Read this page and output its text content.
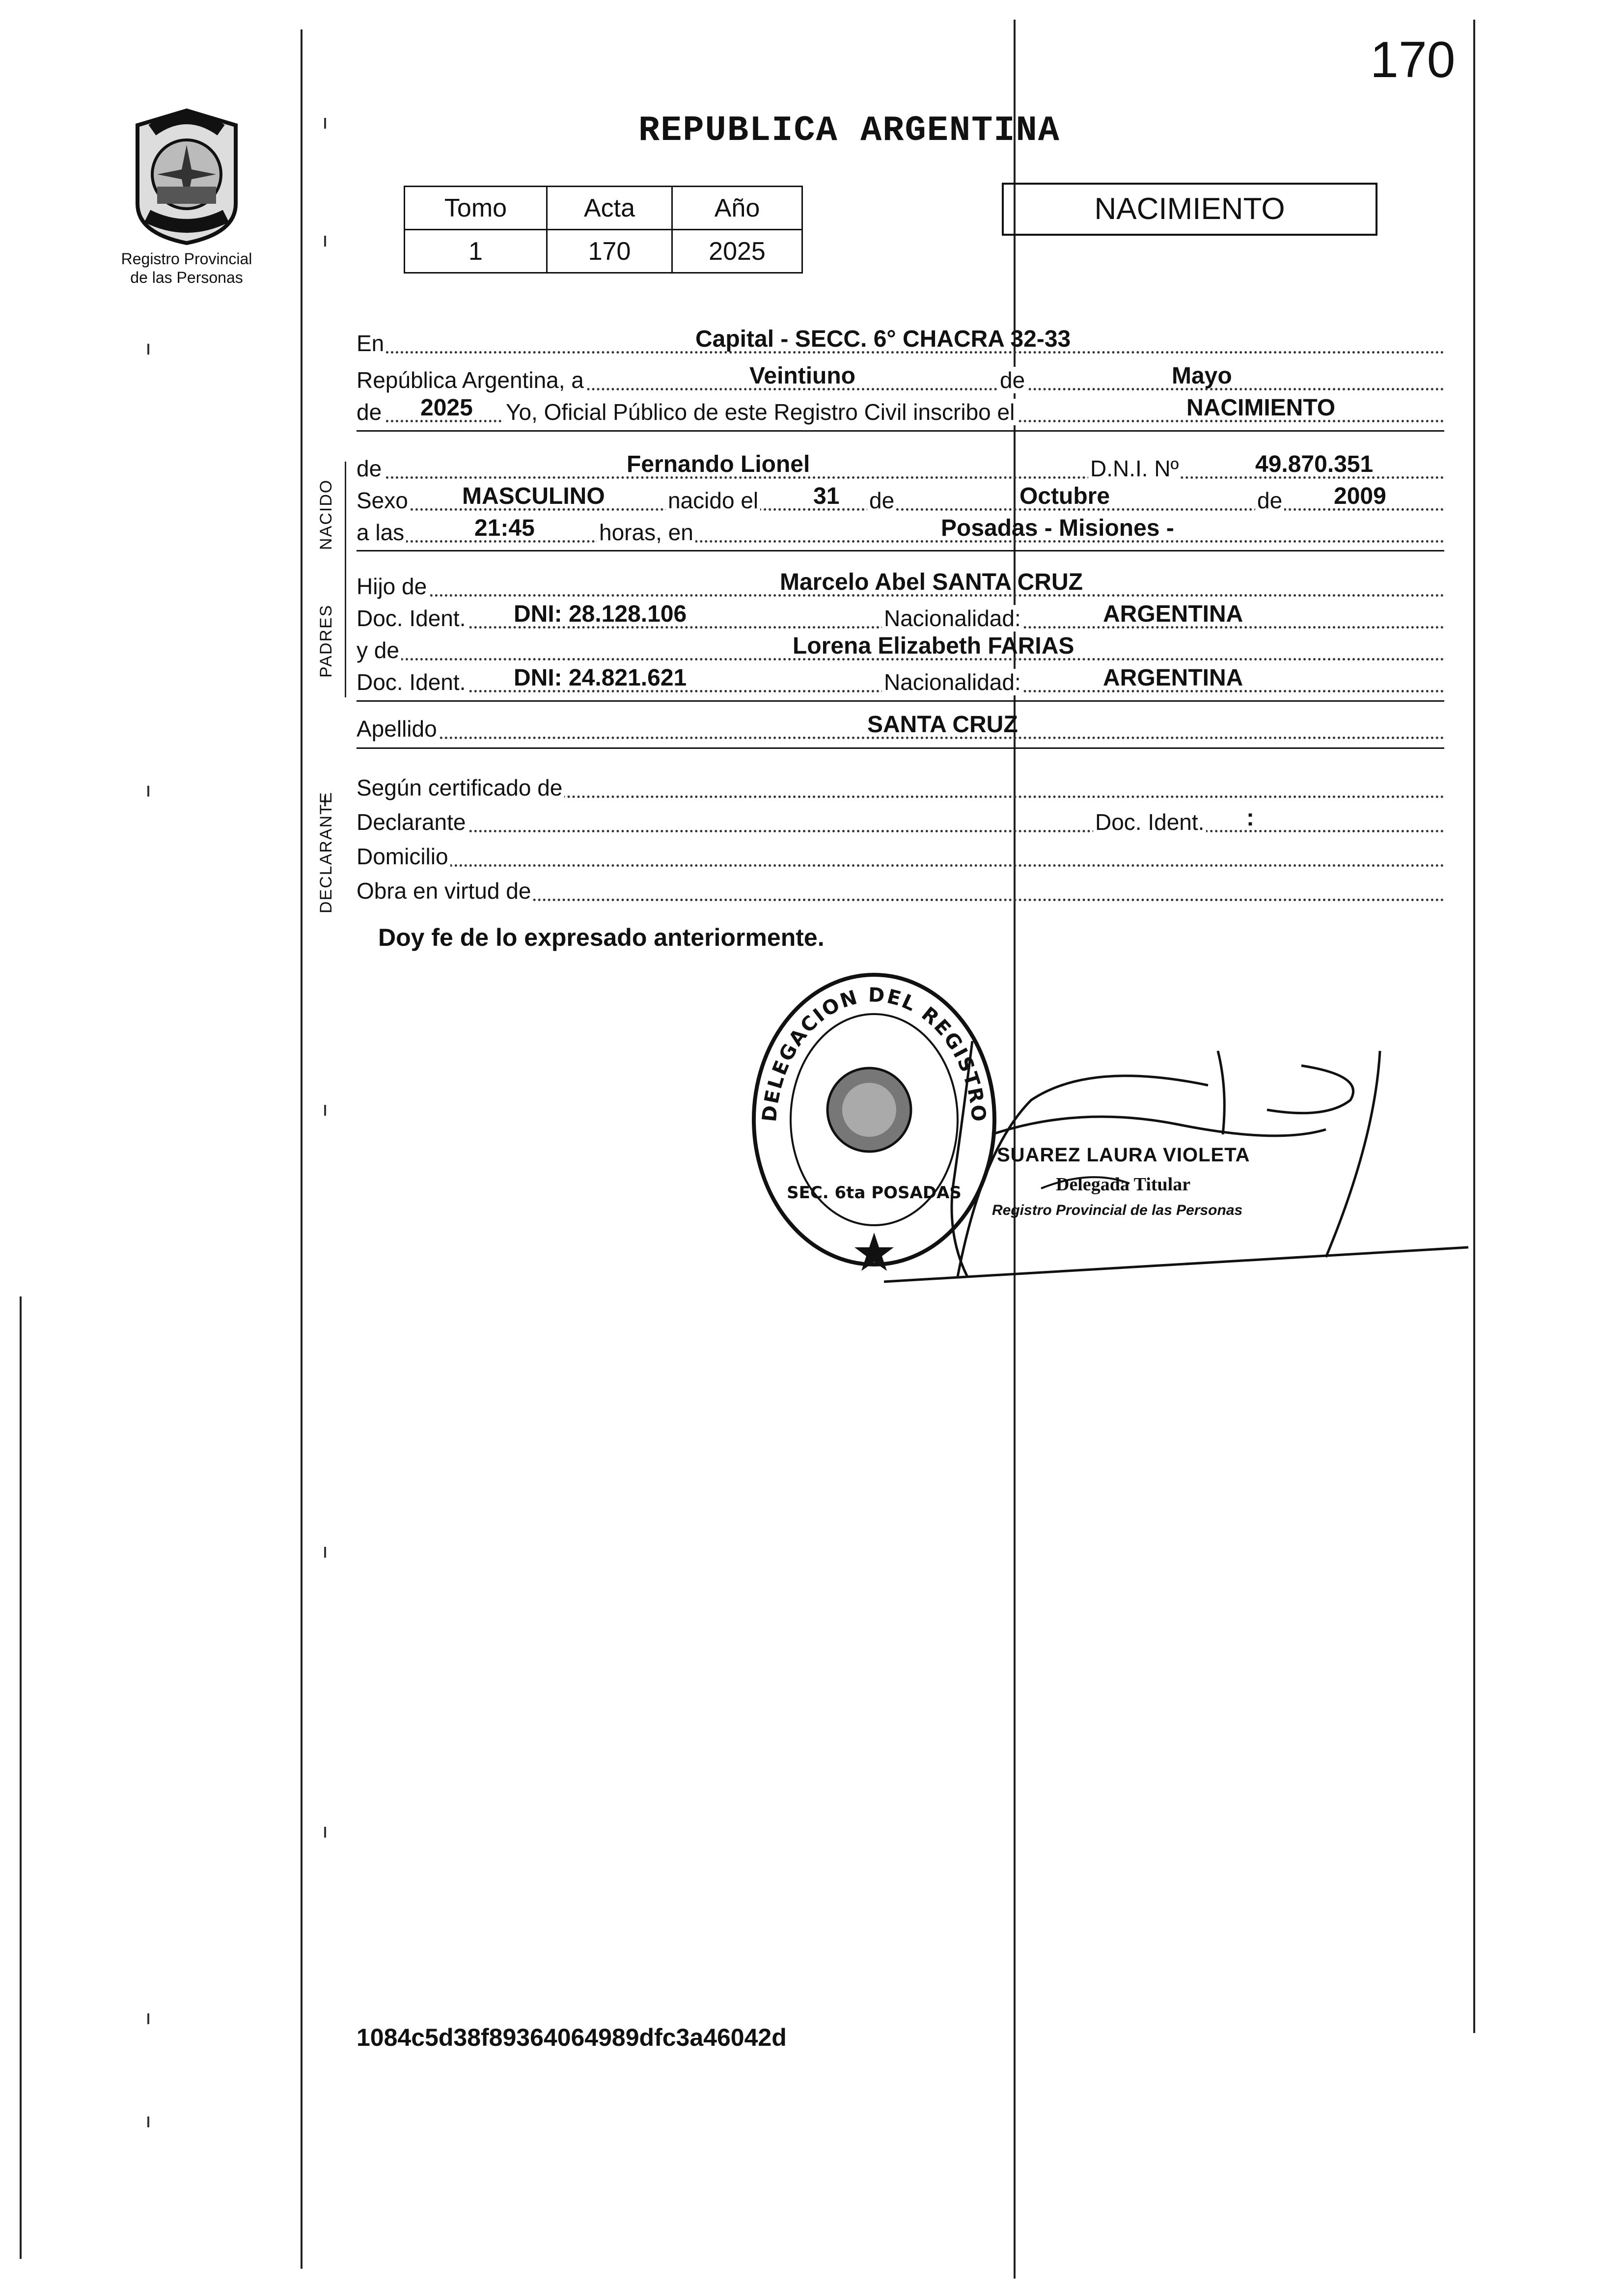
170
REPUBLICA ARGENTINA
Registro Provincial
de las Personas
Tomo	Acta	Año
1	170	2025
NACIMIENTO
En	Capital - SECC. 6° CHACRA 32-33
República Argentina, a	Veintiuno	de	Mayo
de 2025 Yo, Oficial Público de este Registro Civil inscribo el	NACIMIENTO
de	Fernando Lionel	D.N.I. Nº	49.870.351
Sexo MASCULINO	nacido el 31 de	Octubre	de 2009
a las	21:45	horas, en	Posadas - Misiones -
Hijo de	Marcelo Abel SANTA CRUZ
Doc. Ident. DNI: 28.128.106	Nacionalidad:	ARGENTINA
y de	Lorena Elizabeth FARIAS
Doc. Ident. DNI: 24.821.621	Nacionalidad:	ARGENTINA
Apellido	SANTA CRUZ
Según certificado de
Declarante	Doc. Ident. :
Domicilio
Obra en virtud de
NACIDO
PADRES
DECLARANTE
Doy fe de lo expresado anteriormente.
DELEGACION DEL REGISTRO
SEC. 6ta POSADAS
SUAREZ LAURA VIOLETA
Delegada Titular
Registro Provincial de las Personas
1084c5d38f89364064989dfc3a46042d
